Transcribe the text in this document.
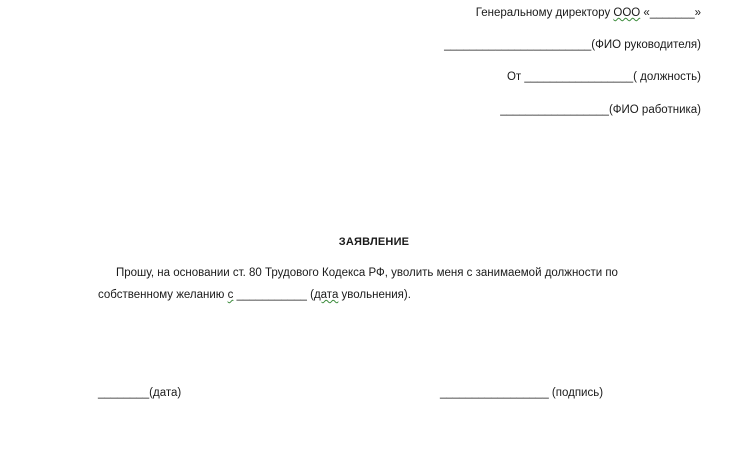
Генеральному директору ООО «_______»
_______________________(ФИО руководителя)
От _________________( должность)
_________________(ФИО работника)
ЗАЯВЛЕНИЕ
Прошу, на основании ст. 80 Трудового Кодекса РФ, уволить меня с занимаемой должности по
собственному желанию с ___________ (дата увольнения).
________(дата)	_________________ (подпись)
